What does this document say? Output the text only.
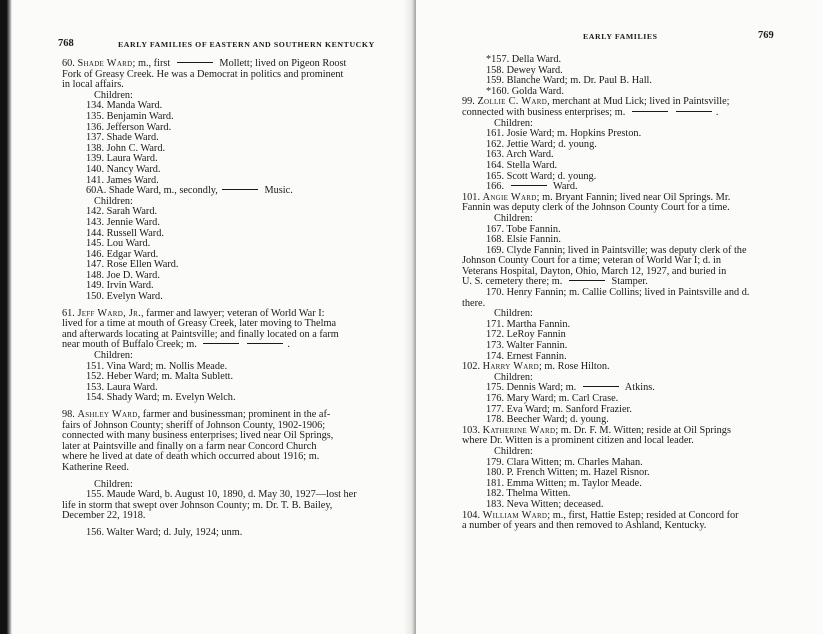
768	EARLY FAMILIES OF EASTERN AND SOUTHERN KENTUCKY
60. Shade Ward; m., first	Mollett; lived on Pigeon Roost
Fork of Greasy Creek. He was a Democrat in politics and prominent
in local affairs.
Children:
134. Manda Ward.
135. Benjamin Ward.
136. Jefferson Ward.
137. Shade Ward.
138. John C. Ward.
139. Laura Ward.
140. Nancy Ward.
141. James Ward.
60A. Shade Ward, m., secondly,	Music.
Children:
142. Sarah Ward.
143. Jennie Ward.
144. Russell Ward.
145. Lou Ward.
146. Edgar Ward.
147. Rose Ellen Ward.
148. Joe D. Ward.
149. Irvin Ward.
150. Evelyn Ward.
61. Jeff Ward, Jr., farmer and lawyer; veteran of World War I:
lived for a time at mouth of Greasy Creek, later moving to Thelma
and afterwards locating at Paintsville; and finally located on a farm
near mouth of Buffalo Creek; m.	.
Children:
151. Vina Ward; m. Nollis Meade.
152. Heber Ward; m. Malta Sublett.
153. Laura Ward.
154. Shady Ward; m. Evelyn Welch.
98. Ashley Ward, farmer and businessman; prominent in the af-
fairs of Johnson County; sheriff of Johnson County, 1902-1906;
connected with many business enterprises; lived near Oil Springs,
later at Paintsville and finally on a farm near Concord Church
where he lived at date of death which occurred about 1916; m.
Katherine Reed.
Children:
155. Maude Ward, b. August 10, 1890, d. May 30, 1927—lost her
life in storm that swept over Johnson County; m. Dr. T. B. Bailey,
December 22, 1918.
156. Walter Ward; d. July, 1924; unm.
EARLY FAMILIES	769
*157. Della Ward.
158. Dewey Ward.
159. Blanche Ward; m. Dr. Paul B. Hall.
*160. Golda Ward.
99. Zollie C. Ward, merchant at Mud Lick; lived in Paintsville;
connected with business enterprises; m.	.
Children:
161. Josie Ward; m. Hopkins Preston.
162. Jettie Ward; d. young.
163. Arch Ward.
164. Stella Ward.
165. Scott Ward; d. young.
166.	Ward.
101. Angie Ward; m. Bryant Fannin; lived near Oil Springs. Mr.
Fannin was deputy clerk of the Johnson County Court for a time.
Children:
167. Tobe Fannin.
168. Elsie Fannin.
169. Clyde Fannin; lived in Paintsville; was deputy clerk of the
Johnson County Court for a time; veteran of World War I; d. in
Veterans Hospital, Dayton, Ohio, March 12, 1927, and buried in
U. S. cemetery there; m.	Stamper.
170. Henry Fannin; m. Callie Collins; lived in Paintsville and d.
there.
Children:
171. Martha Fannin.
172. LeRoy Fannin
173. Walter Fannin.
174. Ernest Fannin.
102. Harry Ward; m. Rose Hilton.
Children:
175. Dennis Ward; m.	Atkins.
176. Mary Ward; m. Carl Crase.
177. Eva Ward; m. Sanford Frazier.
178. Beecher Ward; d. young.
103. Katherine Ward; m. Dr. F. M. Witten; reside at Oil Springs
where Dr. Witten is a prominent citizen and local leader.
Children:
179. Clara Witten; m. Charles Mahan.
180. P. French Witten; m. Hazel Risnor.
181. Emma Witten; m. Taylor Meade.
182. Thelma Witten.
183. Neva Witten; deceased.
104. William Ward; m., first, Hattie Estep; resided at Concord for
a number of years and then removed to Ashland, Kentucky.
